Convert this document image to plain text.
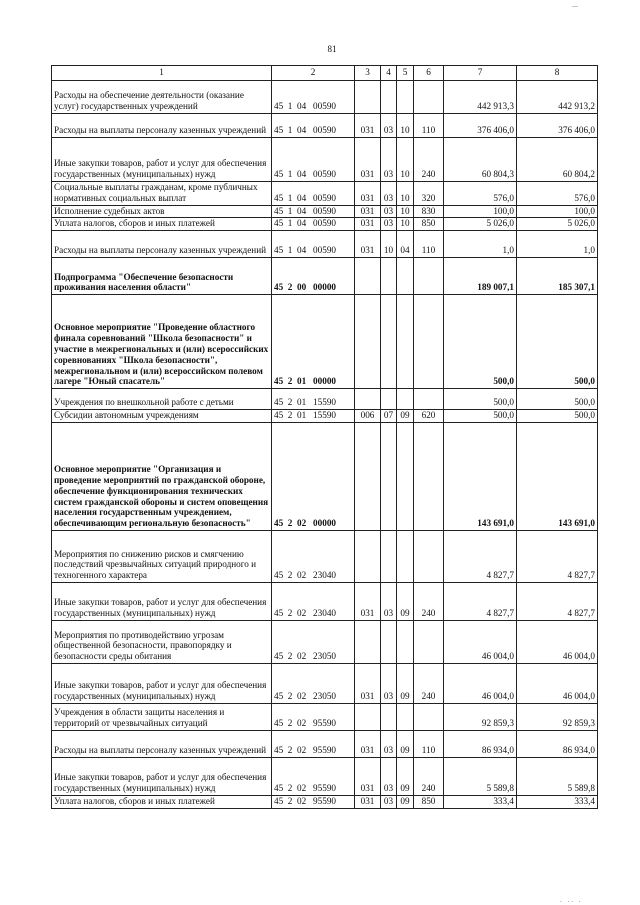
...
81
1	2	3	4	5	6	7	8
Расходы на обеспечение деятельности (оказание услуг) государственных учреждений	45  1  04   00590					442 913,3	442 913,2
Расходы на выплаты персоналу казенных учреждений	45  1  04   00590	031	03	10	110	376 406,0	376 406,0
Иные закупки товаров, работ и услуг для обеспечения государственных (муниципальных) нужд	45  1  04   00590	031	03	10	240	60 804,3	60 804,2
Социальные выплаты гражданам, кроме публичных нормативных социальных выплат	45  1  04   00590	031	03	10	320	576,0	576,0
Исполнение судебных актов	45  1  04   00590	031	03	10	830	100,0	100,0
Уплата налогов, сборов и иных платежей	45  1  04   00590	031	03	10	850	5 026,0	5 026,0
Расходы на выплаты персоналу казенных учреждений	45  1  04   00590	031	10	04	110	1,0	1,0
Подпрограмма "Обеспечение безопасности проживания населения области"	45  2  00   00000					189 007,1	185 307,1
Основное мероприятие "Проведение областного финала соревнований "Школа безопасности" и участие в межрегиональных и (или) всероссийских соревнованиях "Школа безопасности", межрегиональном и (или) всероссийском полевом лагере "Юный спасатель"	45  2  01   00000					500,0	500,0
Учреждения по внешкольной работе с детьми	45  2  01   15590					500,0	500,0
Субсидии автономным учреждениям	45  2  01   15590	006	07	09	620	500,0	500,0
Основное мероприятие "Организация и проведение мероприятий по гражданской обороне, обеспечение функционирования технических систем гражданской обороны и систем оповещения населения государственным учреждением, обеспечивающим региональную безопасность"	45  2  02   00000					143 691,0	143 691,0
Мероприятия по снижению рисков и смягчению последствий чрезвычайных ситуаций природного и техногенного характера	45  2  02   23040					4 827,7	4 827,7
Иные закупки товаров, работ и услуг для обеспечения государственных (муниципальных) нужд	45  2  02   23040	031	03	09	240	4 827,7	4 827,7
Мероприятия по противодействию угрозам общественной безопасности, правопорядку и безопасности среды обитания	45  2  02   23050					46 004,0	46 004,0
Иные закупки товаров, работ и услуг для обеспечения государственных (муниципальных) нужд	45  2  02   23050	031	03	09	240	46 004,0	46 004,0
Учреждения в области защиты населения и территорий от чрезвычайных ситуаций	45  2  02   95590					92 859,3	92 859,3
Расходы на выплаты персоналу казенных учреждений	45  2  02   95590	031	03	09	110	86 934,0	86 934,0
Иные закупки товаров, работ и услуг для обеспечения государственных (муниципальных) нужд	45  2  02   95590	031	03	09	240	5 589,8	5 589,8
Уплата налогов, сборов и иных платежей	45  2  02   95590	031	03	09	850	333,4	333,4
. .. .
